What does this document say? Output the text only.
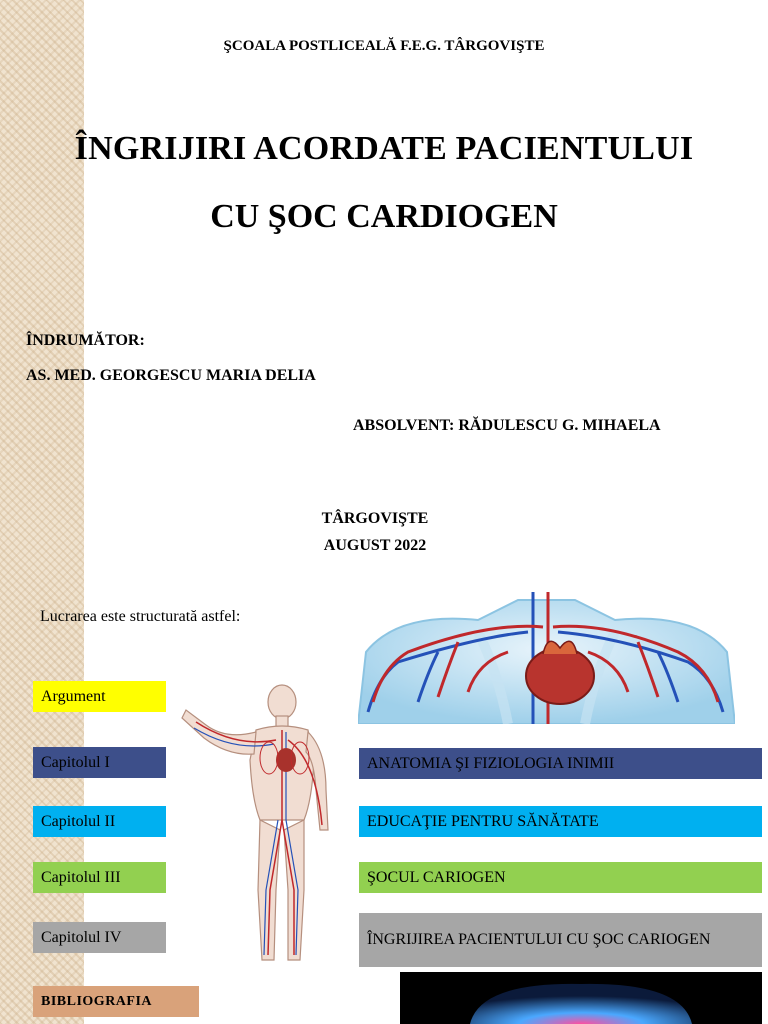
ŞCOALA POSTLICEALĂ F.E.G. TÂRGOVIŞTE
ÎNGRIJIRI ACORDATE PACIENTULUI
CU ŞOC CARDIOGEN
ÎNDRUMĂTOR:
AS. MED. GEORGESCU MARIA DELIA
ABSOLVENT: RĂDULESCU G. MIHAELA
TÂRGOVIŞTE
AUGUST 2022
Lucrarea este structurată astfel:
Argument
Capitolul I
Capitolul II
Capitolul III
Capitolul IV
BIBLIOGRAFIA
ANATOMIA ŞI FIZIOLOGIA INIMII
EDUCAŢIE PENTRU SĂNĂTATE
ŞOCUL CARIOGEN
ÎNGRIJIREA PACIENTULUI CU ŞOC CARIOGEN
